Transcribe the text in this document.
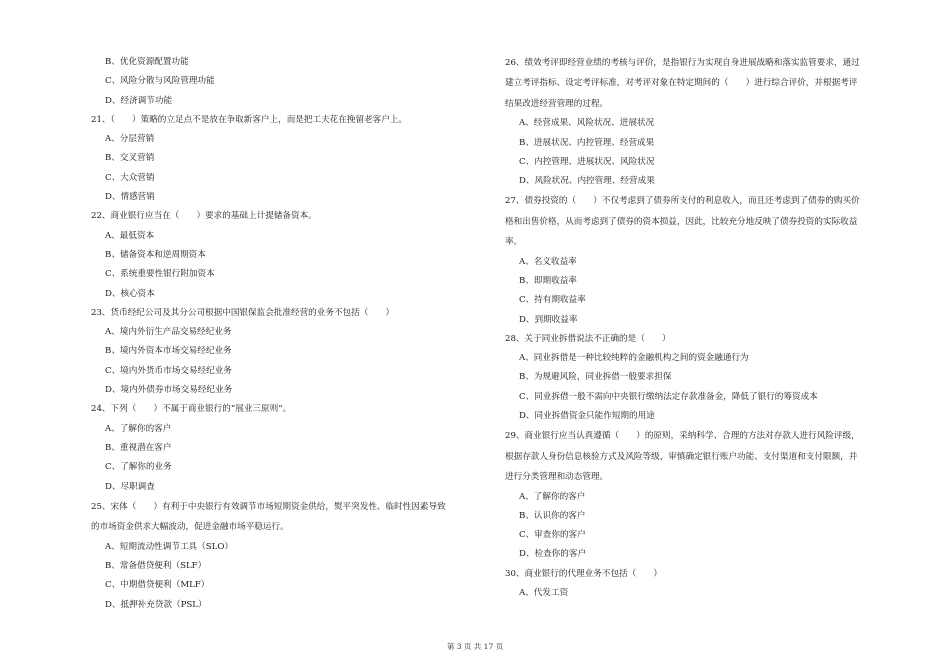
B、优化资源配置功能
C、风险分散与风险管理功能
D、经济调节功能
21、（　　）策略的立足点不是放在争取新客户上，而是把工夫花在挽留老客户上。
A、分层营销
B、交叉营销
C、大众营销
D、情感营销
22、商业银行应当在（　　）要求的基础上计提储备资本。
A、最低资本
B、储备资本和逆周期资本
C、系统重要性银行附加资本
D、核心资本
23、货币经纪公司及其分公司根据中国银保监会批准经营的业务不包括（　　）
A、境内外衍生产品交易经纪业务
B、境内外资本市场交易经纪业务
C、境内外货币市场交易经纪业务
D、境内外债券市场交易经纪业务
24、下列（　　）不属于商业银行的“展业三原则”。
A、了解你的客户
B、重视潜在客户
C、了解你的业务
D、尽职调查
25、宋体（　　）有利于中央银行有效调节市场短期资金供给，熨平突发性、临时性因素导致
的市场资金供求大幅波动，促进金融市场平稳运行。
A、短期流动性调节工具（SLO）
B、常备借贷便利（SLF）
C、中期借贷便利（MLF）
D、抵押补充贷款（PSL）
26、绩效考评即经营业绩的考核与评价，是指银行为实现自身进展战略和落实监管要求，通过
建立考评指标、设定考评标准，对考评对象在特定期间的（　　）进行综合评价，并根据考评
结果改进经营管理的过程。
A、经营成果、风险状况、进展状况
B、进展状况、内控管理、经营成果
C、内控管理、进展状况、风险状况
D、风险状况、内控管理、经营成果
27、债券投资的（　　）不仅考虑到了债券所支付的利息收入，而且还考虑到了债券的购买价
格和出售价格，从而考虑到了债券的资本损益，因此，比较充分地反映了债券投资的实际收益
率。
A、名义收益率
B、即期收益率
C、持有期收益率
D、到期收益率
28、关于同业拆借说法不正确的是（　　）
A、同业拆借是一种比较纯粹的金融机构之间的资金融通行为
B、为规避风险，同业拆借一般要求担保
C、同业拆借一般不需向中央银行缴纳法定存款准备金，降低了银行的筹资成本
D、同业拆借资金只能作短期的用途
29、商业银行应当认真遵循（　　）的原则，采纳科学、合理的方法对存款人进行风险评级，
根据存款人身份信息核验方式及风险等级，审慎确定银行账户功能、支付渠道和支付限额，并
进行分类管理和动态管理。
A、了解你的客户
B、认识你的客户
C、审查你的客户
D、检查你的客户
30、商业银行的代理业务不包括（　　）
A、代发工资
第 3 页 共 17 页
